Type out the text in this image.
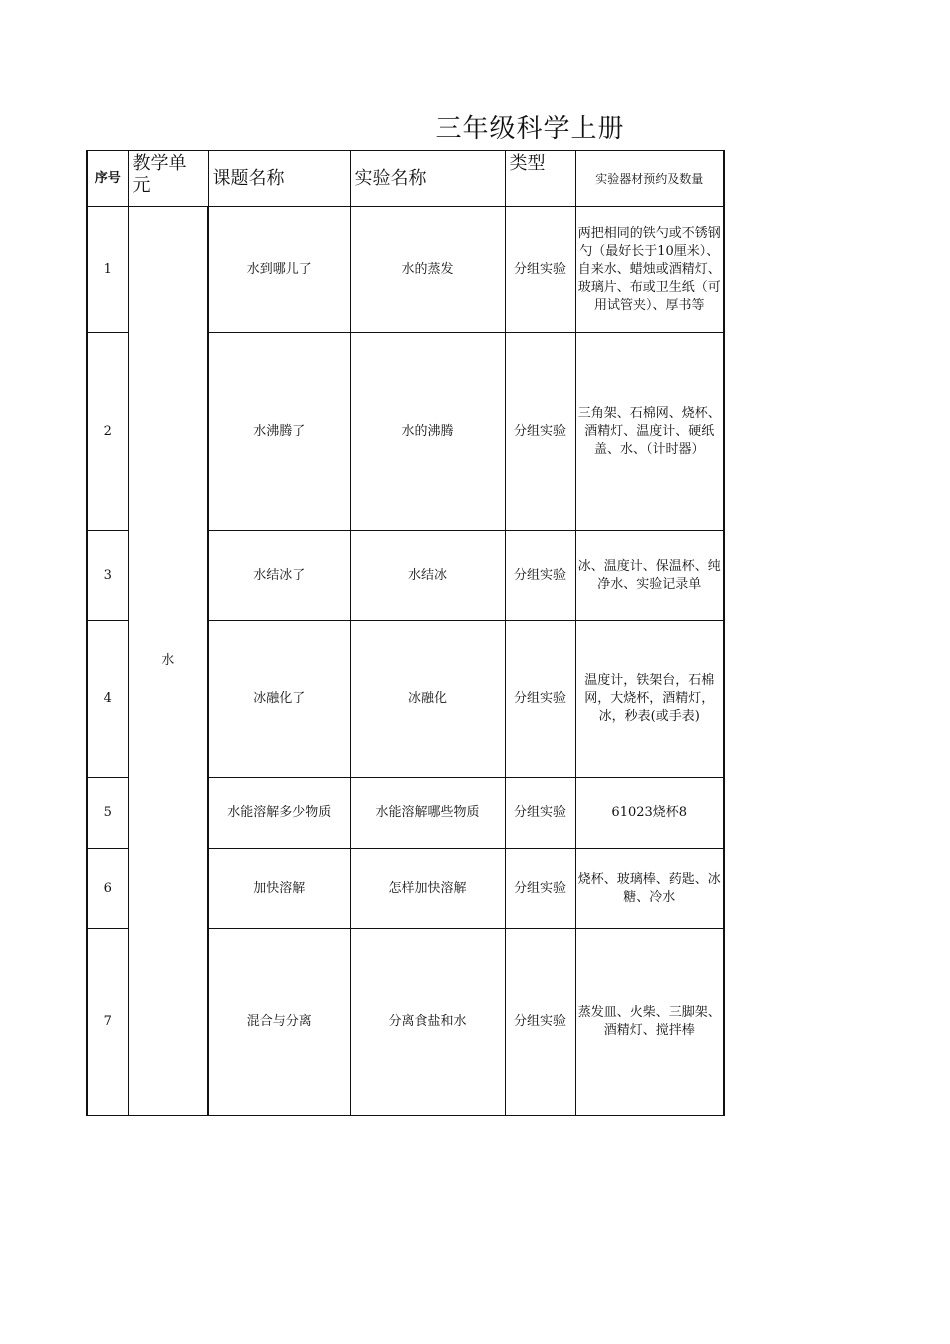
三年级科学上册
序号	教学单元	课题名称	实验名称	类型	实验器材预约及数量
1	水	水到哪儿了	水的蒸发	分组实验	两把相同的铁勺或不锈钢勺（最好长于10厘米）、自来水、蜡烛或酒精灯、玻璃片、布或卫生纸（可用试管夹）、厚书等
2		水沸腾了	水的沸腾	分组实验	三角架、石棉网、烧杯、酒精灯、温度计、硬纸盖、水、（计时器）
3		水结冰了	水结冰	分组实验	冰、温度计、保温杯、纯净水、实验记录单
4		冰融化了	冰融化	分组实验	温度计，铁架台，石棉网，大烧杯，酒精灯，冰，秒表(或手表)
5		水能溶解多少物质	水能溶解哪些物质	分组实验	61023烧杯8
6		加快溶解	怎样加快溶解	分组实验	烧杯、玻璃棒、药匙、冰糖、冷水
7		混合与分离	分离食盐和水	分组实验	蒸发皿、火柴、三脚架、酒精灯、搅拌棒
